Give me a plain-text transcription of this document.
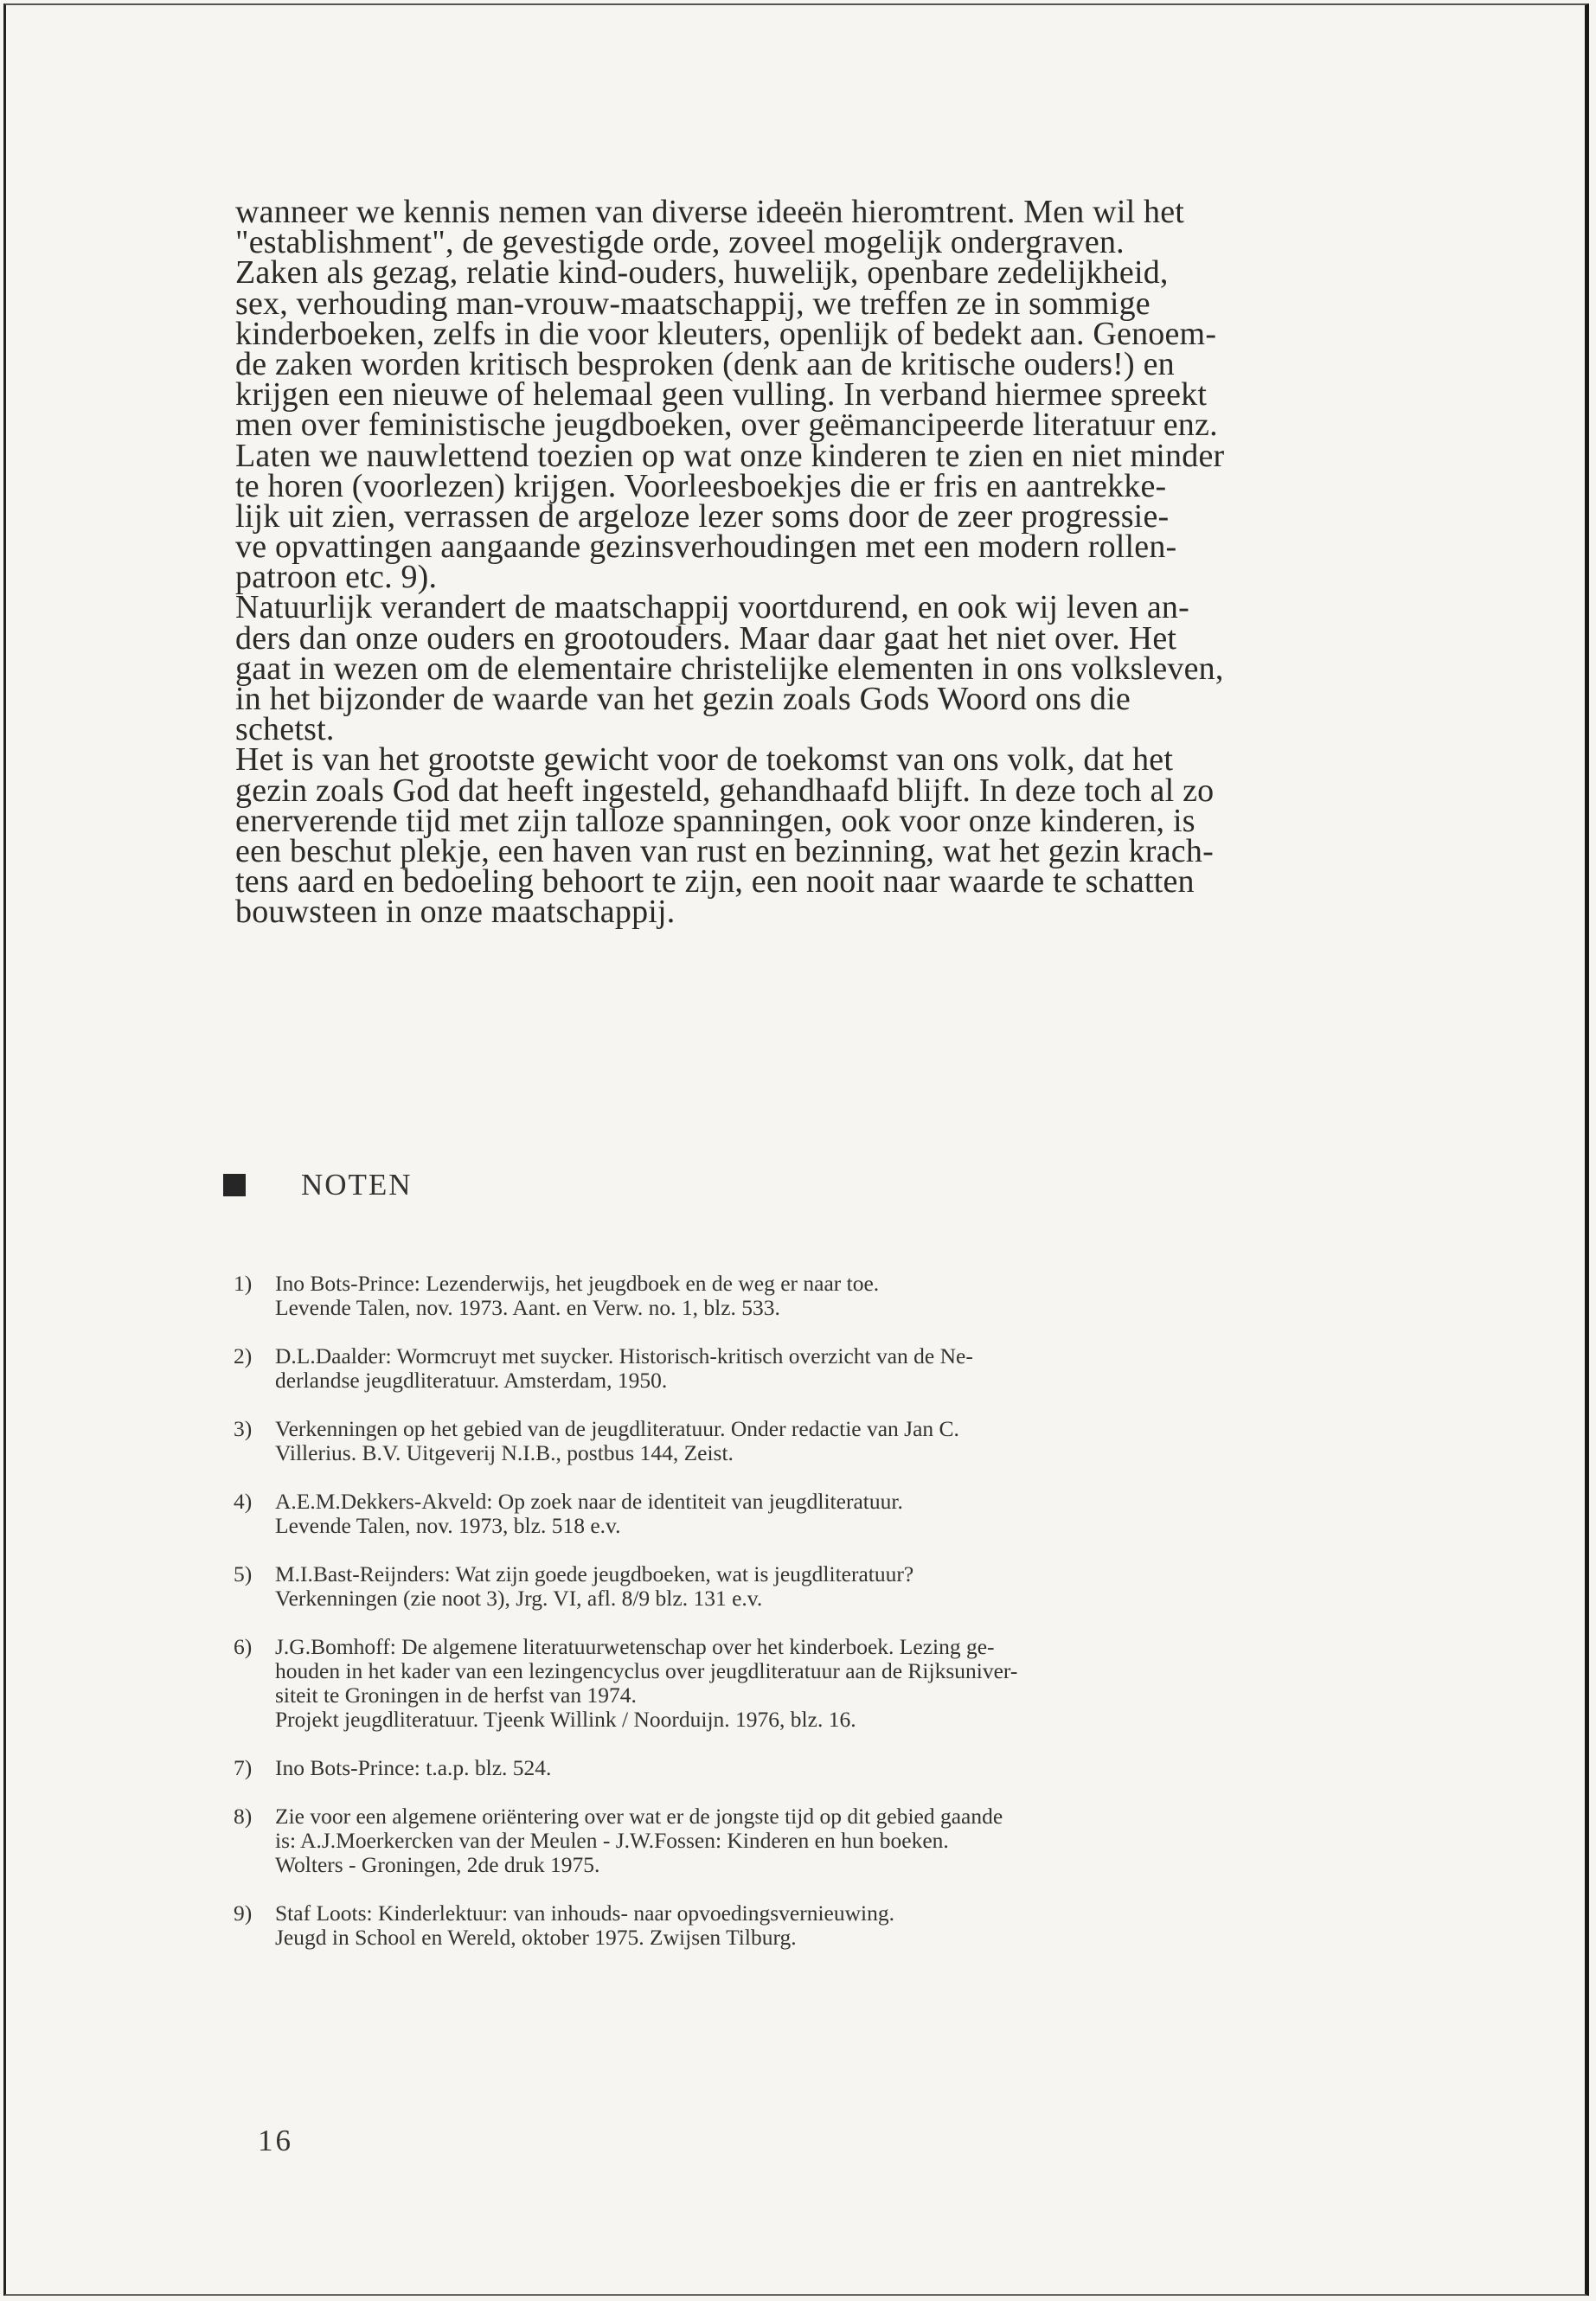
wanneer we kennis nemen van diverse ideeën hieromtrent. Men wil het
"establishment", de gevestigde orde, zoveel mogelijk ondergraven.
Zaken als gezag, relatie kind-ouders, huwelijk, openbare zedelijkheid,
sex, verhouding man-vrouw-maatschappij, we treffen ze in sommige
kinderboeken, zelfs in die voor kleuters, openlijk of bedekt aan. Genoem-
de zaken worden kritisch besproken (denk aan de kritische ouders!) en
krijgen een nieuwe of helemaal geen vulling. In verband hiermee spreekt
men over feministische jeugdboeken, over geëmancipeerde literatuur enz.
Laten we nauwlettend toezien op wat onze kinderen te zien en niet minder
te horen (voorlezen) krijgen. Voorleesboekjes die er fris en aantrekke-
lijk uit zien, verrassen de argeloze lezer soms door de zeer progressie-
ve opvattingen aangaande gezinsverhoudingen met een modern rollen-
patroon etc. 9).
Natuurlijk verandert de maatschappij voortdurend, en ook wij leven an-
ders dan onze ouders en grootouders. Maar daar gaat het niet over. Het
gaat in wezen om de elementaire christelijke elementen in ons volksleven,
in het bijzonder de waarde van het gezin zoals Gods Woord ons die
schetst.
Het is van het grootste gewicht voor de toekomst van ons volk, dat het
gezin zoals God dat heeft ingesteld, gehandhaafd blijft. In deze toch al zo
enerverende tijd met zijn talloze spanningen, ook voor onze kinderen, is
een beschut plekje, een haven van rust en bezinning, wat het gezin krach-
tens aard en bedoeling behoort te zijn, een nooit naar waarde te schatten
bouwsteen in onze maatschappij.
NOTEN
1)	Ino Bots-Prince: Lezenderwijs, het jeugdboek en de weg er naar toe.
Levende Talen, nov. 1973. Aant. en Verw. no. 1, blz. 533.
2)	D.L.Daalder: Wormcruyt met suycker. Historisch-kritisch overzicht van de Ne-
derlandse jeugdliteratuur. Amsterdam, 1950.
3)	Verkenningen op het gebied van de jeugdliteratuur. Onder redactie van Jan C.
Villerius. B.V. Uitgeverij N.I.B., postbus 144, Zeist.
4)	A.E.M.Dekkers-Akveld: Op zoek naar de identiteit van jeugdliteratuur.
Levende Talen, nov. 1973, blz. 518 e.v.
5)	M.I.Bast-Reijnders: Wat zijn goede jeugdboeken, wat is jeugdliteratuur?
Verkenningen (zie noot 3), Jrg. VI, afl. 8/9 blz. 131 e.v.
6)	J.G.Bomhoff: De algemene literatuurwetenschap over het kinderboek. Lezing ge-
houden in het kader van een lezingencyclus over jeugdliteratuur aan de Rijksuniver-
siteit te Groningen in de herfst van 1974.
Projekt jeugdliteratuur. Tjeenk Willink / Noorduijn. 1976, blz. 16.
7)	Ino Bots-Prince: t.a.p. blz. 524.
8)	Zie voor een algemene oriëntering over wat er de jongste tijd op dit gebied gaande
is: A.J.Moerkercken van der Meulen - J.W.Fossen: Kinderen en hun boeken.
Wolters - Groningen, 2de druk 1975.
9)	Staf Loots: Kinderlektuur: van inhouds- naar opvoedingsvernieuwing.
Jeugd in School en Wereld, oktober 1975. Zwijsen Tilburg.
16
